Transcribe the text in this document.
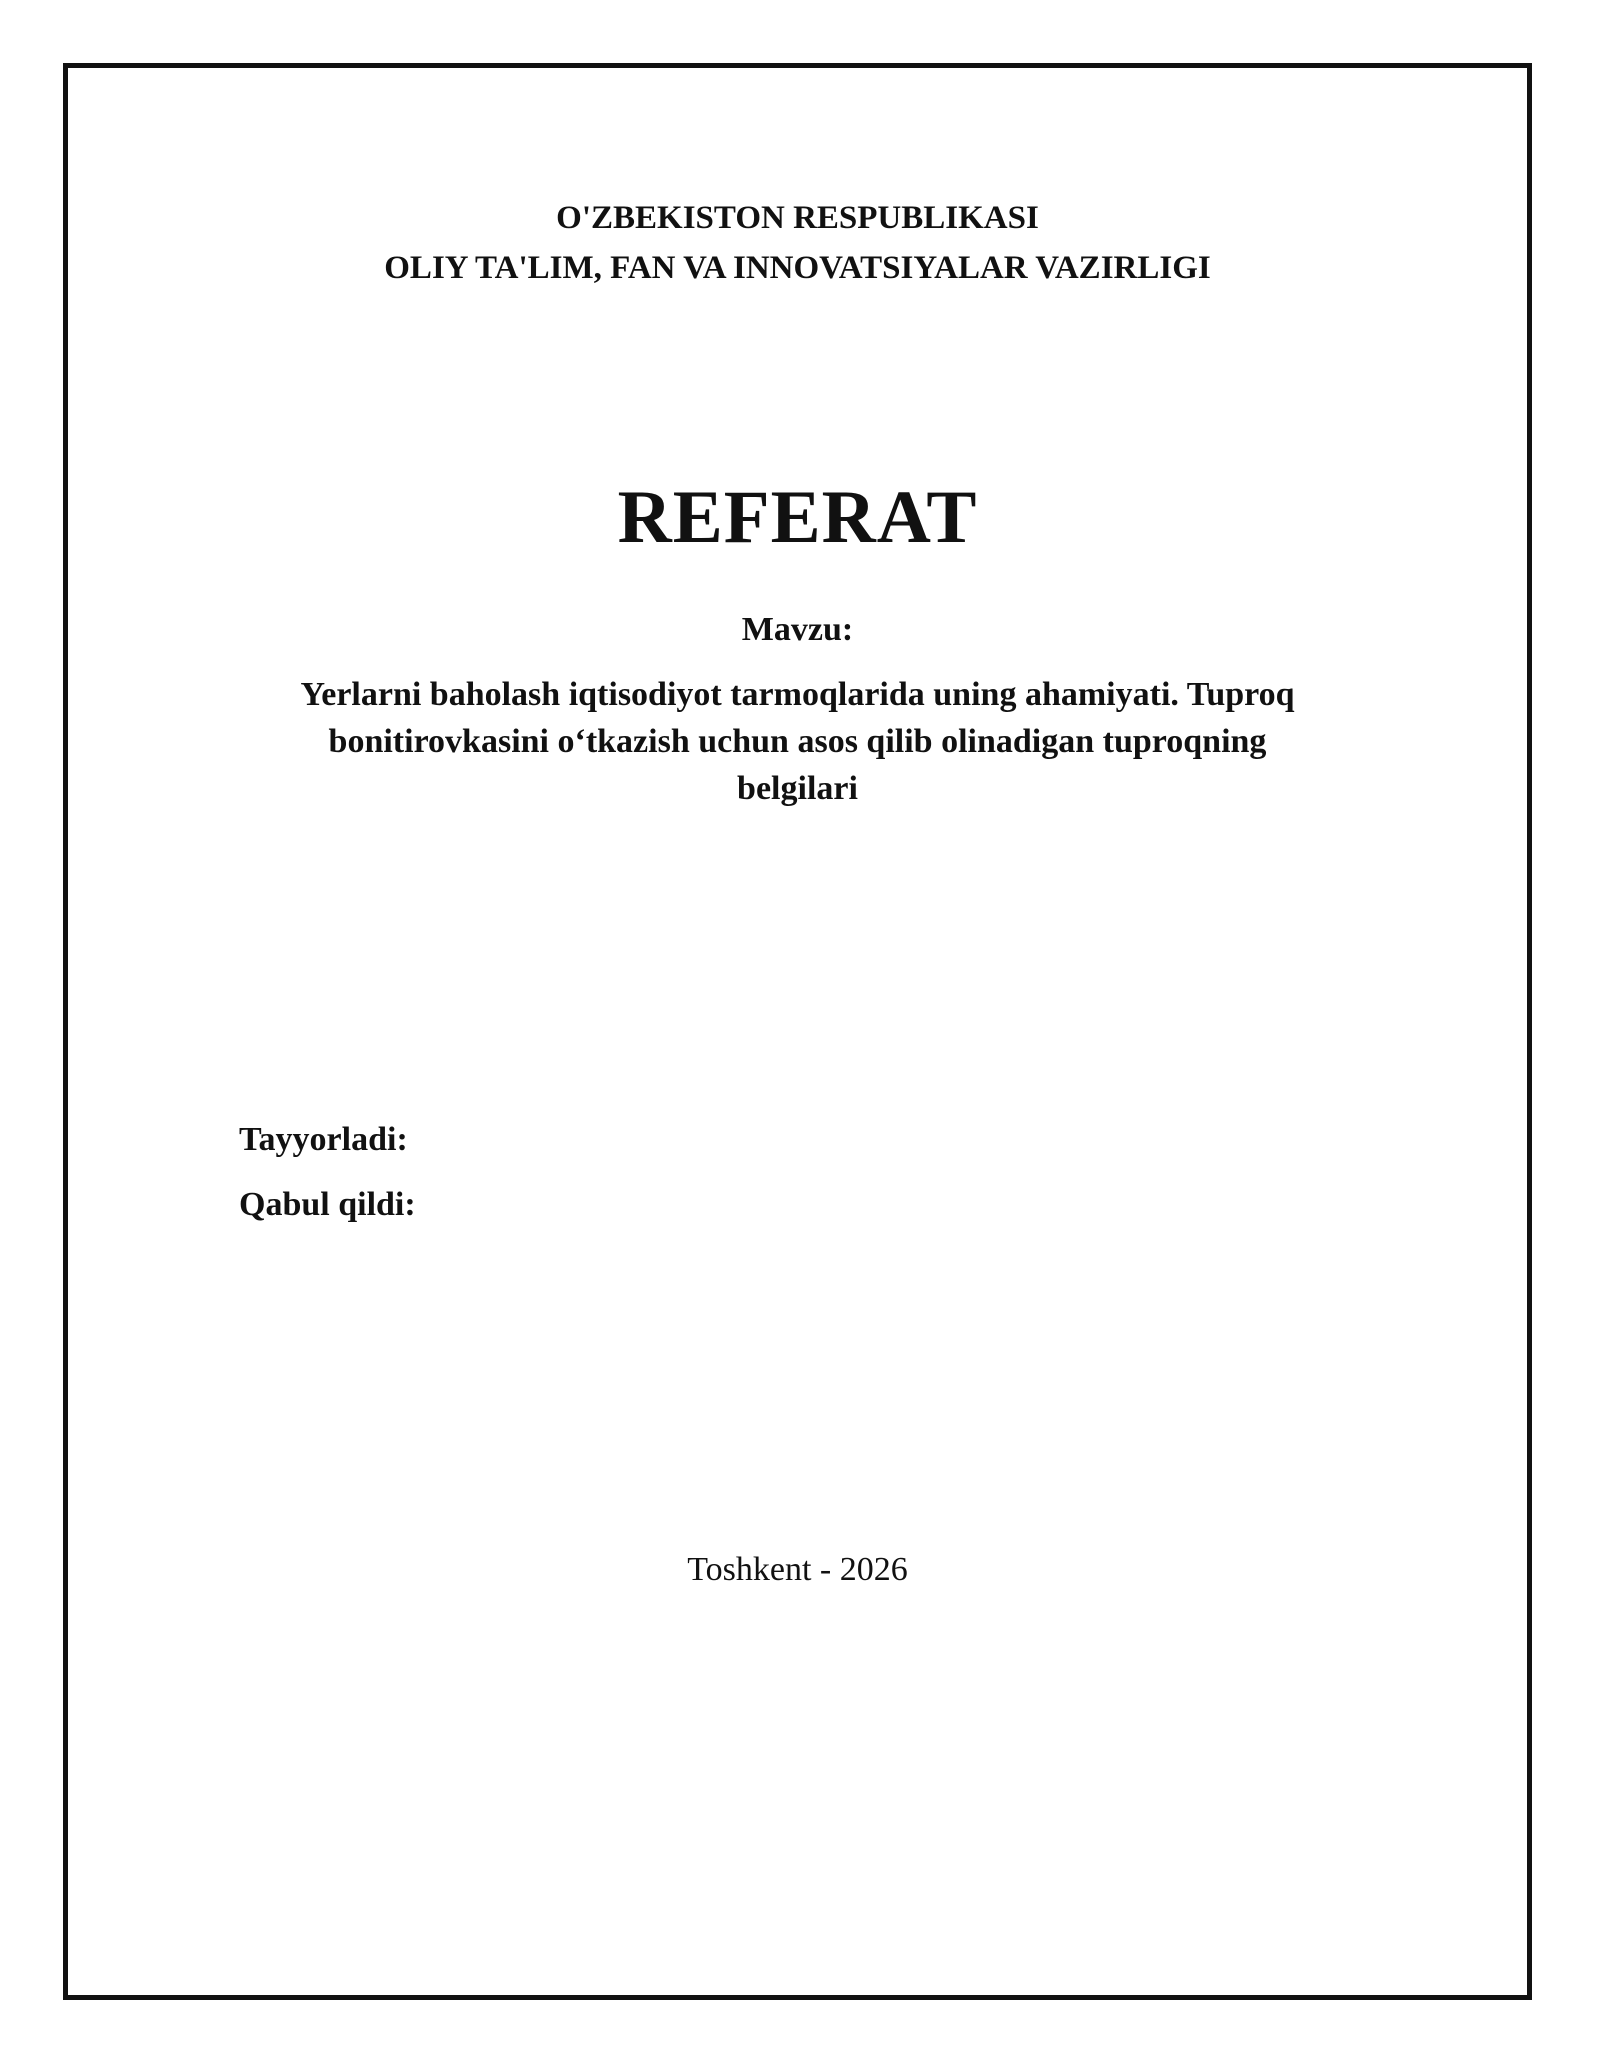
O'ZBEKISTON RESPUBLIKASI
OLIY TA'LIM, FAN VA INNOVATSIYALAR VAZIRLIGI
REFERAT
Mavzu:
Yerlarni baholash iqtisodiyot tarmoqlarida uning ahamiyati. Tuproq
bonitirovkasini o‘tkazish uchun asos qilib olinadigan tuproqning
belgilari
Tayyorladi:
Qabul qildi:
Toshkent - 2026
